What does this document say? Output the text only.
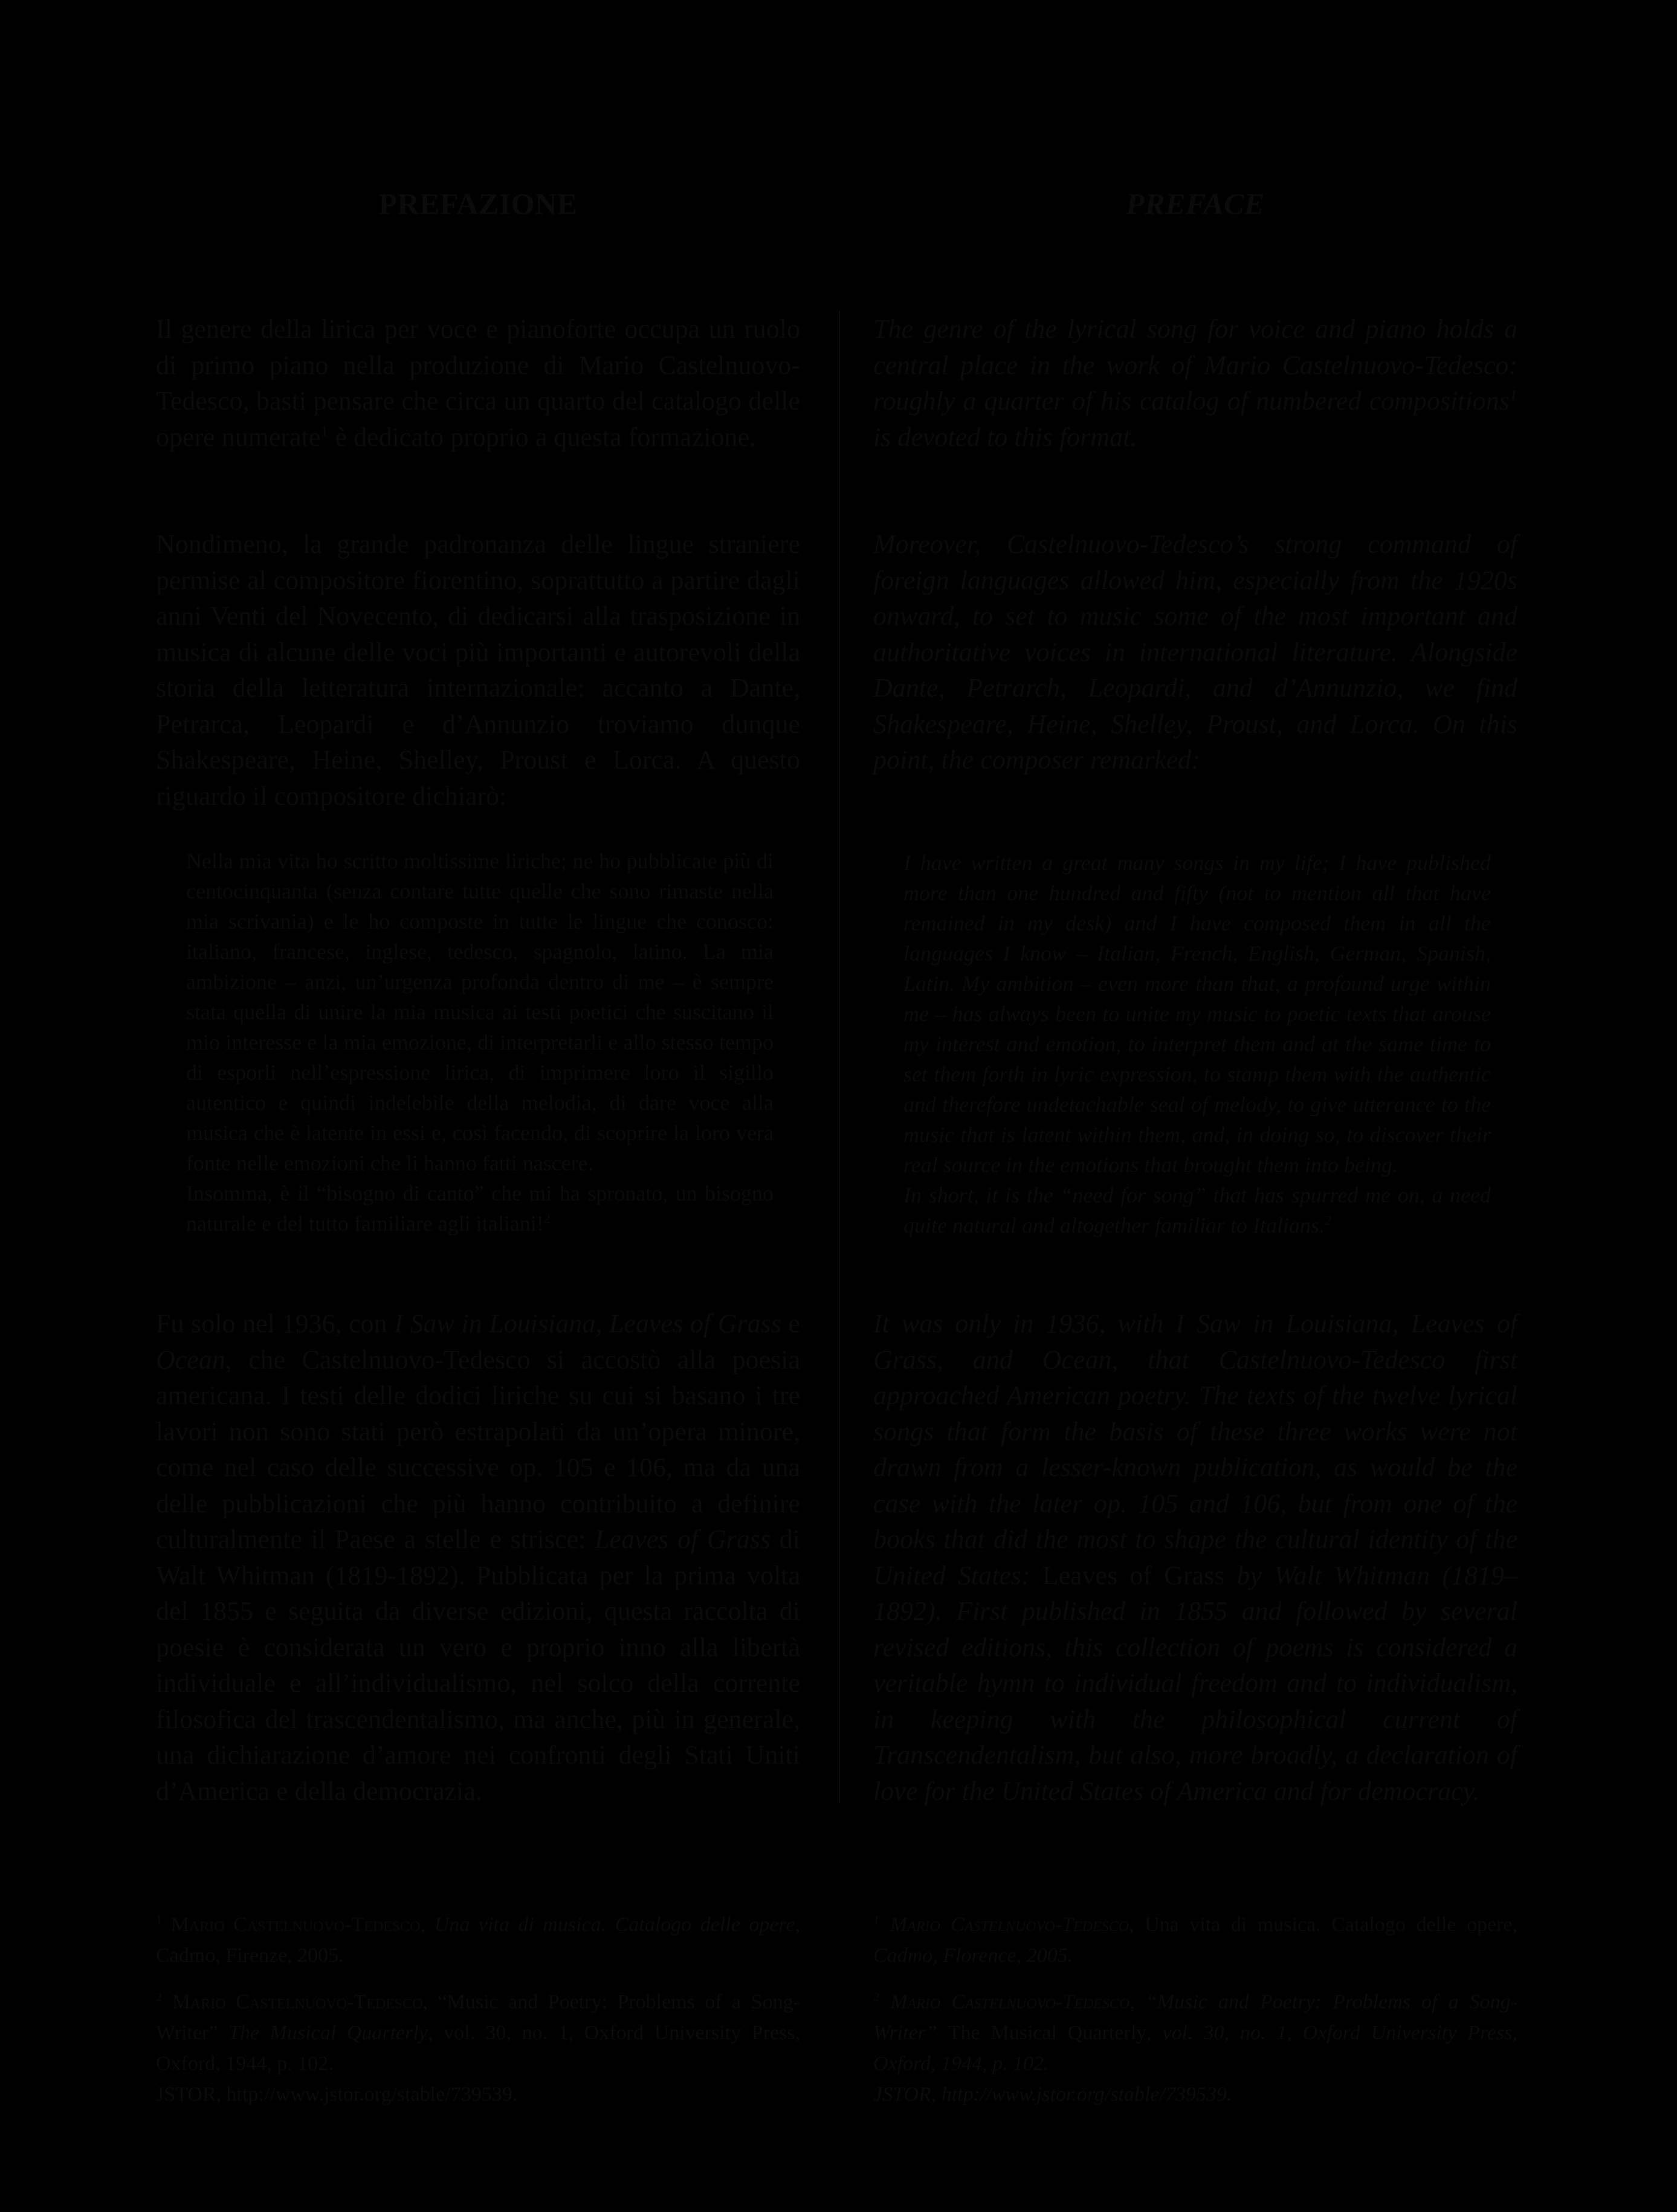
PREFAZIONE

Il genere della lirica per voce e pianoforte occupa un ruolo di primo piano nella produzione di Mario Castelnuovo-Tedesco, basti pensare che circa un quarto del catalogo delle opere numerate$^1$ è dedicato proprio a questa formazione.

Nondimeno, la grande padronanza delle lingue straniere permise al compositore fiorentino, soprattutto a partire dagli anni Venti del Novecento, di dedicarsi alla trasposizione in musica di alcune delle voci più importanti e autorevoli della storia della letteratura internazionale: accanto a Dante, Petrarca, Leopardi e d’Annunzio troviamo dunque Shakespeare, Heine, Shelley, Proust e Lorca. A questo riguardo il compositore dichiarò:

Nella mia vita ho scritto moltissime liriche; ne ho pubblicate più di centocinquanta (senza contare tutte quelle che sono rimaste nella mia scrivania) e le ho composte in tutte le lingue che conosco: italiano, francese, inglese, tedesco, spagnolo, latino. La mia ambizione – anzi, un’urgenza profonda dentro di me – è sempre stata quella di unire la mia musica ai testi poetici che suscitano il mio interesse e la mia emozione, di interpretarli e allo stesso tempo di esporli nell’espressione lirica, di imprimere loro il sigillo autentico e quindi indelebile della melodia, di dare voce alla musica che è latente in essi e, così facendo, di scoprire la loro vera fonte nelle emozioni che li hanno fatti nascere.
Insomma, è il “bisogno di canto” che mi ha spronato, un bisogno naturale e del tutto familiare agli italiani!$^2$

Fu solo nel 1936, con I Saw in Louisiana, Leaves of Grass e Ocean, che Castelnuovo-Tedesco si accostò alla poesia americana. I testi delle dodici liriche su cui si basano i tre lavori non sono stati però estrapolati da un’opera minore, come nel caso delle successive op. 105 e 106, ma da una delle pubblicazioni che più hanno contribuito a definire culturalmente il Paese a stelle e strisce: Leaves of Grass di Walt Whitman (1819-1892). Pubblicata per la prima volta del 1855 e seguita da diverse edizioni, questa raccolta di poesie è considerata un vero e proprio inno alla libertà individuale e all’individualismo, nel solco della corrente filosofica del trascendentalismo, ma anche, più in generale, una dichiarazione d’amore nei confronti degli Stati Uniti d’America e della democrazia.

$^1$ Mario Castelnuovo-Tedesco, Una vita di musica. Catalogo delle opere, Cadmo, Firenze, 2005.
$^2$ Mario Castelnuovo-Tedesco, “Music and Poetry: Problems of a Song-Writer” The Musical Quarterly, vol. 30, no. 1, Oxford University Press, Oxford, 1944, p. 102.
JSTOR, http://www.jstor.org/stable/739539.
PREFACE

The genre of the lyrical song for voice and piano holds a central place in the work of Mario Castelnuovo-Tedesco: roughly a quarter of his catalog of numbered compositions$^1$ is devoted to this format.

Moreover, Castelnuovo-Tedesco’s strong command of foreign languages allowed him, especially from the 1920s onward, to set to music some of the most important and authoritative voices in international literature. Alongside Dante, Petrarch, Leopardi, and d’Annunzio, we find Shakespeare, Heine, Shelley, Proust, and Lorca. On this point, the composer remarked:

I have written a great many songs in my life; I have published more than one hundred and fifty (not to mention all that have remained in my desk) and I have composed them in all the languages I know – Italian, French, English, German, Spanish, Latin. My ambition – even more than that, a profound urge within me – has always been to unite my music to poetic texts that arouse my interest and emotion, to interpret them and at the same time to set them forth in lyric expression, to stamp them with the authentic and therefore undetachable seal of melody, to give utterance to the music that is latent within them, and, in doing so, to discover their real source in the emotions that brought them into being.
In short, it is the “need for song” that has spurred me on, a need quite natural and altogether familiar to Italians.$^2$

It was only in 1936, with I Saw in Louisiana, Leaves of Grass, and Ocean, that Castelnuovo-Tedesco first approached American poetry. The texts of the twelve lyrical songs that form the basis of these three works were not drawn from a lesser-known publication, as would be the case with the later op. 105 and 106, but from one of the books that did the most to shape the cultural identity of the United States: Leaves of Grass by Walt Whitman (1819–1892). First published in 1855 and followed by several revised editions, this collection of poems is considered a veritable hymn to individual freedom and to individualism, in keeping with the philosophical current of Transcendentalism, but also, more broadly, a declaration of love for the United States of America and for democracy.

$^1$ Mario Castelnuovo-Tedesco, Una vita di musica. Catalogo delle opere, Cadmo, Florence, 2005.
$^2$ Mario Castelnuovo-Tedesco, “Music and Poetry: Problems of a Song-Writer” The Musical Quarterly, vol. 30, no. 1, Oxford University Press, Oxford, 1944, p. 102.
JSTOR, http://www.jstor.org/stable/739539.
